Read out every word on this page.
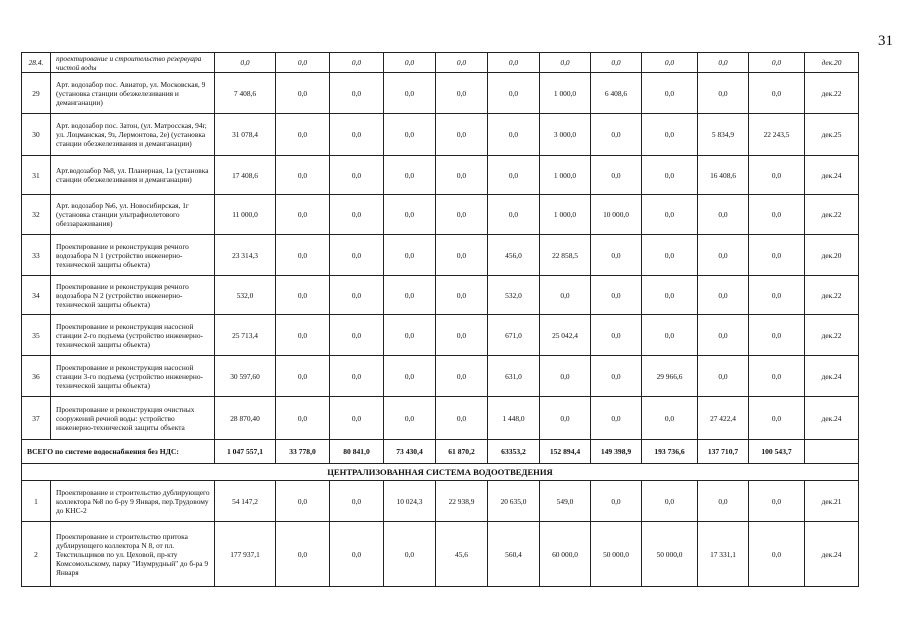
31
28.4.	проектирование и строительство резервуара чистой воды	0,0	0,0	0,0	0,0	0,0	0,0	0,0	0,0	0,0	0,0	0,0	дек.20
29	Арт. водозабор пос. Авиатор, ул. Московская, 9 (установка станции обезжелезивания и деманганации)	7 408,6	0,0	0,0	0,0	0,0	0,0	1 000,0	6 408,6	0,0	0,0	0,0	дек.22
30	Арт. водозабор пос. Затон, (ул. Матросская, 94г, ул. Лоцманская, 9з, Лермонтова, 2е) (установка станции обезжелезивания и деманганации)	31 078,4	0,0	0,0	0,0	0,0	0,0	3 000,0	0,0	0,0	5 834,9	22 243,5	дек.25
31	Арт.водозабор №8, ул. Планерная, 1а (установка станции обезжелезивания и деманганации)	17 408,6	0,0	0,0	0,0	0,0	0,0	1 000,0	0,0	0,0	16 408,6	0,0	дек.24
32	Арт. водозабор №6, ул. Новосибирская, 1г (установка станции ультрафиолетового обеззараживания)	11 000,0	0,0	0,0	0,0	0,0	0,0	1 000,0	10 000,0	0,0	0,0	0,0	дек.22
33	Проектирование и реконструкция речного водозабора N 1 (устройство инженерно-технической защиты объекта)	23 314,3	0,0	0,0	0,0	0,0	456,0	22 858,5	0,0	0,0	0,0	0,0	дек.20
34	Проектирование и реконструкция речного водозабора N 2 (устройство инженерно-технической защиты объекта)	532,0	0,0	0,0	0,0	0,0	532,0	0,0	0,0	0,0	0,0	0,0	дек.22
35	Проектирование и реконструкция насосной станции 2-го подъема (устройство инженерно-технической защиты объекта)	25 713,4	0,0	0,0	0,0	0,0	671,0	25 042,4	0,0	0,0	0,0	0,0	дек.22
36	Проектирование и реконструкция насосной станции 3-го подъема (устройство инженерно-технической защиты объекта)	30 597,60	0,0	0,0	0,0	0,0	631,0	0,0	0,0	29 966,6	0,0	0,0	дек.24
37	Проектирование и реконструкция очистных сооружений речной воды: устройство инженерно-технической защиты объекта	28 870,40	0,0	0,0	0,0	0,0	1 448,0	0,0	0,0	0,0	27 422,4	0,0	дек.24
ВСЕГО по системе водоснабжения без НДС:		1 047 557,1	33 778,0	80 841,0	73 430,4	61 870,2	63353,2	152 894,4	149 398,9	193 736,6	137 710,7	100 543,7	
ЦЕНТРАЛИЗОВАННАЯ СИСТЕМА ВОДООТВЕДЕНИЯ													
1	Проектирование и строительство дублирующего коллектора №8 по б-ру 9 Января, пер.Трудовому до КНС-2	54 147,2	0,0	0,0	10 024,3	22 938,9	20 635,0	549,0	0,0	0,0	0,0	0,0	дек.21
2	Проектирование и строительство притока дублирующего коллектора N 8, от пл. Текстильщиков по ул. Цеховой, пр-кту Комсомольскому, парку "Изумрудный" до б-ра 9 Января	177 937,1	0,0	0,0	0,0	45,6	560,4	60 000,0	50 000,0	50 000,0	17 331,1	0,0	дек.24
